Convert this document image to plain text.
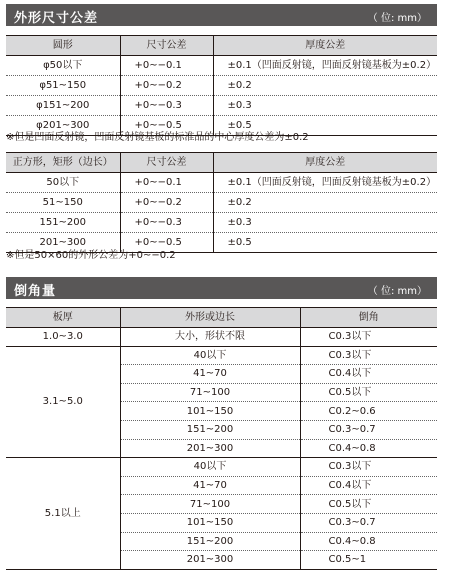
外形尺寸公差	（ 位: mm）
圆形	尺寸公差	厚度公差
φ50以下	+0~−0.1	±0.1（凹面反射镜，凹面反射镜基板为±0.2）
φ51~150	+0~−0.2	±0.2
φ151~200	+0~−0.3	±0.3
φ201~300	+0~−0.5	±0.5
※但是凹面反射镜，凹面反射镜基板的标准品的中心厚度公差为±0.2
正方形，矩形（边长）	尺寸公差	厚度公差
50以下	+0~−0.1	±0.1（凹面反射镜，凹面反射镜基板为±0.2）
51~150	+0~−0.2	±0.2
151~200	+0~−0.3	±0.3
201~300	+0~−0.5	±0.5
※但是50×60的外形公差为+0~−0.2
倒角量	（ 位: mm）
板厚	外形或边长	倒角
1.0~3.0	大小，形状不限	C0.3以下
3.1~5.0	40以下	C0.3以下
	41~70	C0.4以下
	71~100	C0.5以下
	101~150	C0.2~0.6
	151~200	C0.3~0.7
	201~300	C0.4~0.8
5.1以上	40以下	C0.3以下
	41~70	C0.4以下
	71~100	C0.5以下
	101~150	C0.3~0.7
	151~200	C0.4~0.8
	201~300	C0.5~1
